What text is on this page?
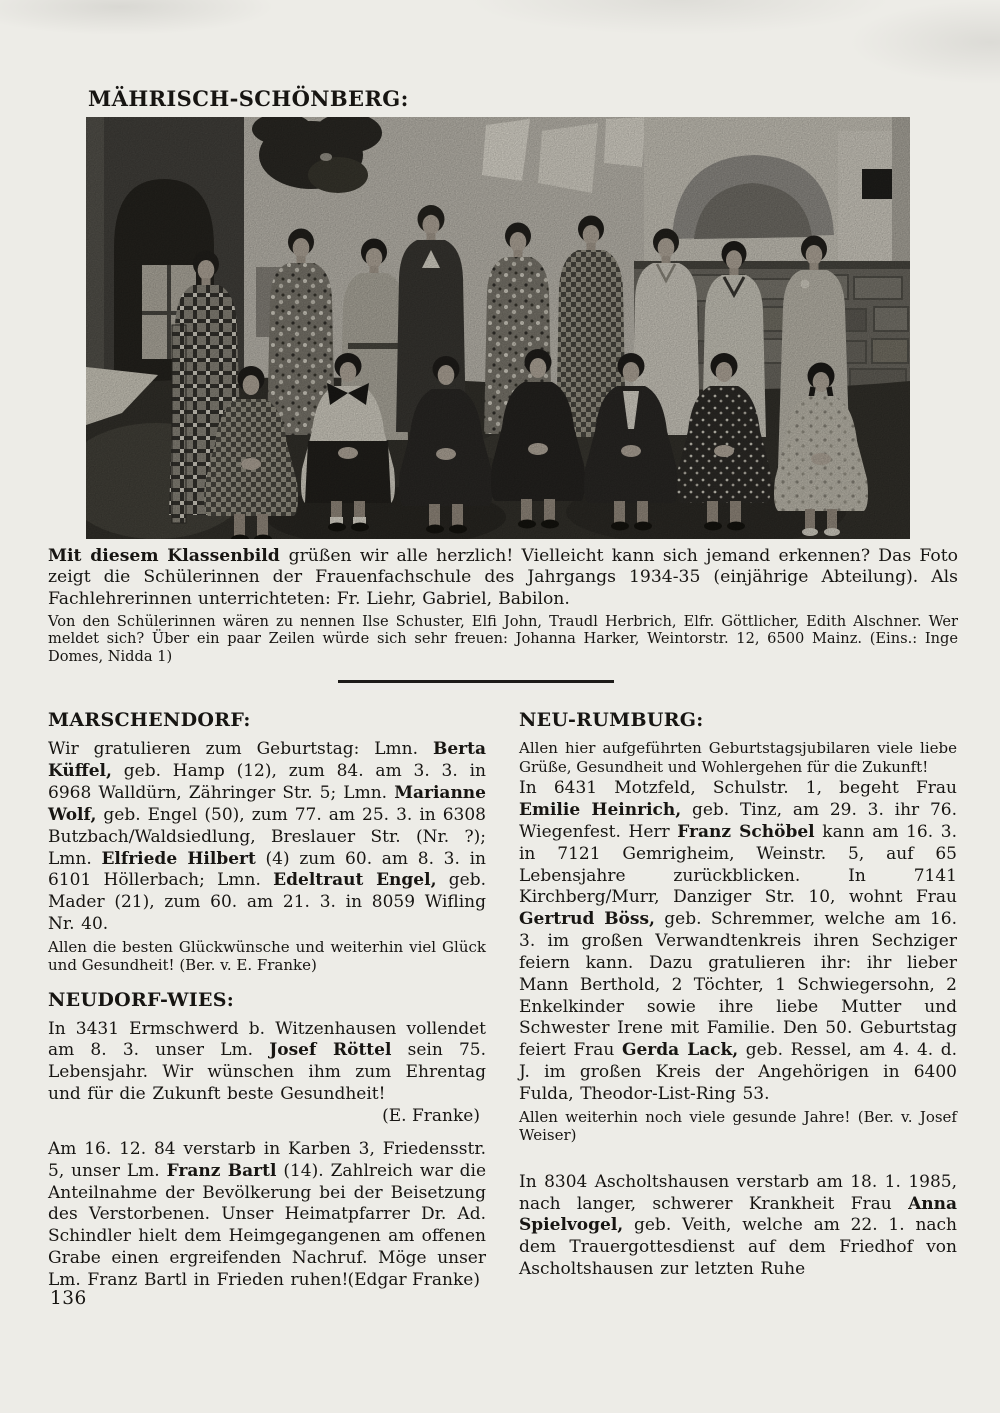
MÄHRISCH-SCHÖNBERG:

Mit diesem Klassenbild grüßen wir alle herzlich! Vielleicht kann sich jemand erkennen? Das Foto zeigt die Schülerinnen der Frauenfachschule des Jahrgangs 1934-35 (einjährige Abteilung). Als Fachlehrerinnen unterrichteten: Fr. Liehr, Gabriel, Babilon.

Von den Schülerinnen wären zu nennen Ilse Schuster, Elfi John, Traudl Herbrich, Elfr. Göttlicher, Edith Alschner. Wer meldet sich? Über ein paar Zeilen würde sich sehr freuen: Johanna Harker, Weintorstr. 12, 6500 Mainz. (Eins.: Inge Domes, Nidda 1)

MARSCHENDORF:

Wir gratulieren zum Geburtstag: Lmn. Berta Küffel, geb. Hamp (12), zum 84. am 3. 3. in 6968 Walldürn, Zähringer Str. 5; Lmn. Marianne Wolf, geb. Engel (50), zum 77. am 25. 3. in 6308 Butzbach/Waldsiedlung, Breslauer Str. (Nr. ?); Lmn. Elfriede Hilbert (4) zum 60. am 8. 3. in 6101 Höllerbach; Lmn. Edeltraut Engel, geb. Mader (21), zum 60. am 21. 3. in 8059 Wifling Nr. 40.

Allen die besten Glückwünsche und weiterhin viel Glück und Gesundheit! (Ber. v. E. Franke)

NEUDORF-WIES:

In 3431 Ermschwerd b. Witzenhausen vollendet am 8. 3. unser Lm. Josef Röttel sein 75. Lebensjahr. Wir wünschen ihm zum Ehrentag und für die Zukunft beste Gesundheit!

(E. Franke)

Am 16. 12. 84 verstarb in Karben 3, Friedensstr. 5, unser Lm. Franz Bartl (14). Zahlreich war die Anteilnahme der Bevölkerung bei der Beisetzung des Verstorbenen. Unser Heimatpfarrer Dr. Ad. Schindler hielt dem Heimgegangenen am offenen Grabe einen ergreifenden Nachruf. Möge unser Lm. Franz Bartl in Frieden ruhen! (Edgar Franke)
NEU-RUMBURG:

Allen hier aufgeführten Geburtstagsjubilaren viele liebe Grüße, Gesundheit und Wohlergehen für die Zukunft!

In 6431 Motzfeld, Schulstr. 1, begeht Frau Emilie Heinrich, geb. Tinz, am 29. 3. ihr 76. Wiegenfest. Herr Franz Schöbel kann am 16. 3. in 7121 Gemrigheim, Weinstr. 5, auf 65 Lebensjahre zurückblicken. In 7141 Kirchberg/Murr, Danziger Str. 10, wohnt Frau Gertrud Böss, geb. Schremmer, welche am 16. 3. im großen Verwandtenkreis ihren Sechziger feiern kann. Dazu gratulieren ihr: ihr lieber Mann Berthold, 2 Töchter, 1 Schwiegersohn, 2 Enkelkinder sowie ihre liebe Mutter und Schwester Irene mit Familie. Den 50. Geburtstag feiert Frau Gerda Lack, geb. Ressel, am 4. 4. d. J. im großen Kreis der Angehörigen in 6400 Fulda, Theodor-List-Ring 53.

Allen weiterhin noch viele gesunde Jahre! (Ber. v. Josef Weiser)

In 8304 Ascholtshausen verstarb am 18. 1. 1985, nach langer, schwerer Krankheit Frau Anna Spielvogel, geb. Veith, welche am 22. 1. nach dem Trauergottesdienst auf dem Friedhof von Ascholtshausen zur letzten Ruhe

136
